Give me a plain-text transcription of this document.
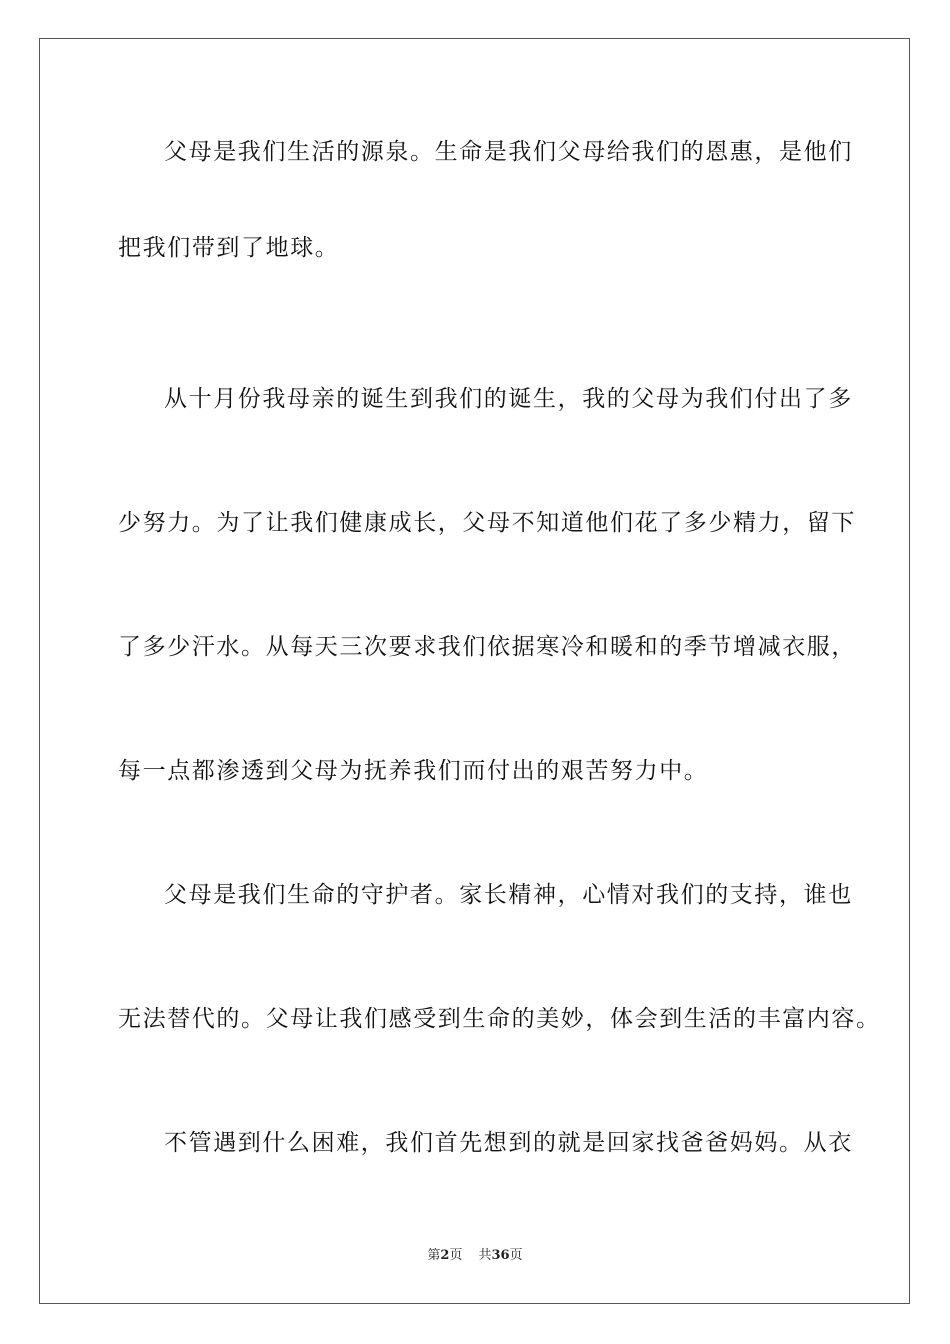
父母是我们生活的源泉。生命是我们父母给我们的恩惠，是他们
把我们带到了地球。
从十月份我母亲的诞生到我们的诞生，我的父母为我们付出了多
少努力。为了让我们健康成长，父母不知道他们花了多少精力，留下
了多少汗水。从每天三次要求我们依据寒冷和暖和的季节增减衣服，
每一点都渗透到父母为抚养我们而付出的艰苦努力中。
父母是我们生命的守护者。家长精神，心情对我们的支持，谁也
无法替代的。父母让我们感受到生命的美妙，体会到生活的丰富内容。
不管遇到什么困难，我们首先想到的就是回家找爸爸妈妈。从衣
第2页 共36页
